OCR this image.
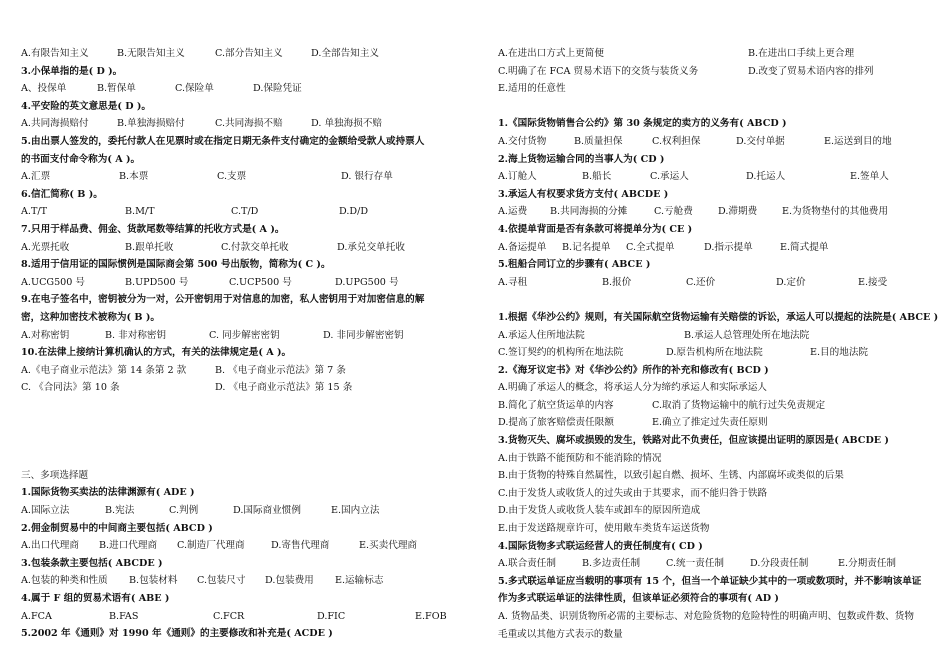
A.有限告知主义	B.无限告知主义	C.部分告知主义	D.全部告知主义
3.小保单指的是( D )。
A、投保单	B.暂保单	C.保险单	D.保险凭证
4.平安险的英文意思是( D )。
A.共同海损赔付	B.单独海损赔付	C.共同海损不赔	D. 单独海损不赔
5.由出票人签发的，委托付款人在见票时或在指定日期无条件支付确定的金额给受款人或持票人
的书面支付命令称为( A )。
A.汇票	B.本票	C.支票	D. 银行存单
6.信汇简称( B )。
A.T/T	B.M/T	C.T/D	D.D/D
7.只用于样品费、佣金、货款尾数等结算的托收方式是( A )。
A.光票托收	B.跟单托收	C.付款交单托收	D.承兑交单托收
8.适用于信用证的国际惯例是国际商会第 500 号出版物，简称为( C )。
A.UCG500 号	B.UPD500 号	C.UCP500 号	D.UPG500 号
9.在电子签名中，密钥被分为一对，公开密钥用于对信息的加密，私人密钥用于对加密信息的解
密，这种加密技术被称为( B )。
A.对称密钥	B. 非对称密钥	C. 同步解密密钥	D. 非同步解密密钥
10.在法律上接纳计算机确认的方式，有关的法律规定是( A )。
A.《电子商业示范法》第 14 条第 2 款	B. 《电子商业示范法》第 7 条
C. 《合同法》第 10 条	D. 《电子商业示范法》第 15 条
三、多项选择题
1.国际货物买卖法的法律渊源有( ADE )
A.国际立法	B.宪法	C.判例	D.国际商业惯例	E.国内立法
2.佣金制贸易中的中间商主要包括( ABCD )
A.出口代理商 B.进口代理商 C.制造厂代理商	D.寄售代理商	E.买卖代理商
3.包装条款主要包括( ABCDE )
A.包装的种类和性质 B.包装材料 C.包装尺寸 D.包装费用 E.运输标志
4.属于 F 组的贸易术语有( ABE )
A.FCA	B.FAS	C.FCR	D.FIC	E.FOB
5.2002 年《通则》对 1990 年《通则》的主要修改和补充是( ACDE )
A.在进出口方式上更简便	B.在进出口手续上更合理
C.明确了在 FCA 贸易术语下的交货与装货义务	D.改变了贸易术语内容的排列
E.适用的任意性
1.《国际货物销售合公约》第 30 条规定的卖方的义务有( ABCD )
A.交付货物	B.质量担保	C.权利担保	D.交付单据	E.运送到目的地
2.海上货物运输合同的当事人为( CD )
A.订舱人	B.船长	C.承运人	D.托运人	E.签单人
3.承运人有权要求货方支付( ABCDE )
A.运费 B.共同海损的分摊	C.亏舱费	D.滞期费	E.为货物垫付的其他费用
4.依提单背面是否有条款可将提单分为( CE )
A.备运提单 B.记名提单 C.全式提单	D.指示提单	E.简式提单
5.租船合同订立的步骤有( ABCE )
A.寻租	B.报价	C.还价	D.定价	E.接受
1.根据《华沙公约》规则，有关国际航空货物运输有关赔偿的诉讼，承运人可以提起的法院是( ABCE )
A.承运人住所地法院	B.承运人总管理处所在地法院
C.签订契约的机构所在地法院	D.原告机构所在地法院	E.目的地法院
2.《海牙议定书》对《华沙公约》所作的补充和修改有( BCD )
A.明确了承运人的概念，将承运人分为缔约承运人和实际承运人
B.简化了航空货运单的内容	C.取消了货物运输中的航行过失免责规定
D.提高了旅客赔偿责任限额	E.确立了推定过失责任原则
3.货物灭失、腐坏或损毁的发生，铁路对此不负责任，但应该提出证明的原因是( ABCDE )
A.由于铁路不能预防和不能消除的情况
B.由于货物的特殊自然属性，以致引起自燃、损坏、生锈、内部腐坏或类似的后果
C.由于发货人或收货人的过失或由于其要求，而不能归咎于铁路
D.由于发货人或收货人装车或卸车的原因所造成
E.由于发送路规章许可，使用敞车类货车运送货物
4.国际货物多式联运经营人的责任制度有( CD )
A.联合责任制	B.多边责任制	C.统一责任制	D.分段责任制	E.分期责任制
5.多式联运单证应当载明的事项有 15 个，但当一个单证缺少其中的一项或数项时，并不影响该单证
作为多式联运单证的法律性质，但该单证必须符合的事项有( AD )
A. 货物品类、识别货物所必需的主要标志、对危险货物的危险特性的明确声明、包数或件数、货物
毛重或以其他方式表示的数量
